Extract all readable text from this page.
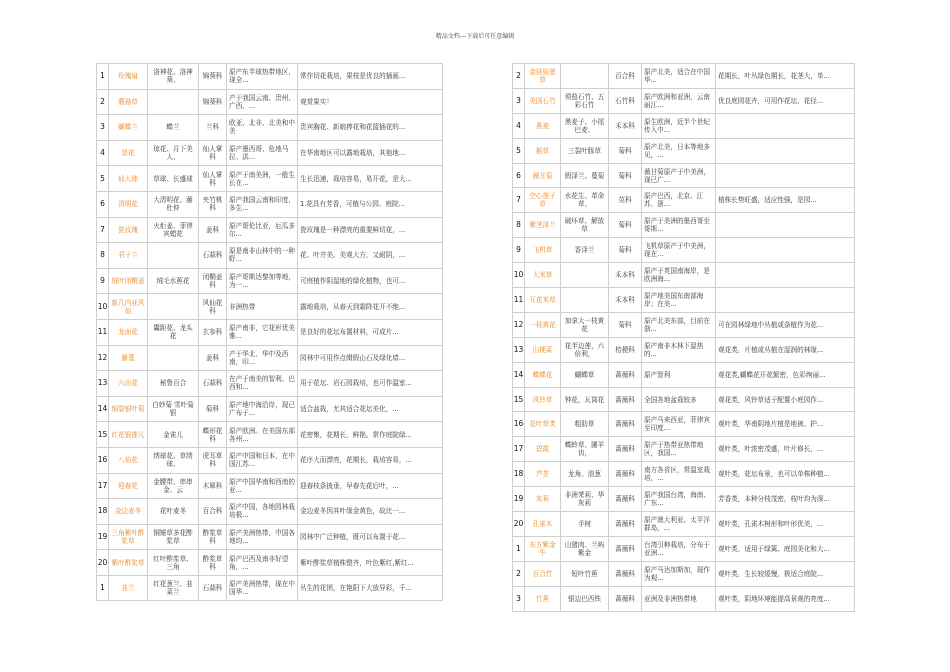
精品文档---下载后可任意编辑
1	玫瑰扇	洛神花、洛神葵、	锦葵科	原产东半球热带地区，现全...	常作切花栽培，果枝是优良的插画...
2	蘑菇草		锦葵科	产于我国云南、贵州、广西、...	观赏果实！
3	蝴蝶兰	蝶兰	兰科	欧亚、北非、北美和中美	贵宾胸花、新娘捧花和花篮插花的...
4	昙花	琼花、月下美人、	仙人掌科	原产墨西哥、危地马拉、洪...	在华南地区可以露地栽培，其他地...
5	仙人球	草球、长盛球	仙人掌科	原产于南美洲，一般生长在...	生长迅速，栽培容易，易开花，是大...
6	清明花	大清明花、藤杜仲	夹竹桃科	原产我国云南和印度，多生...	1.花具有芳香，可植与公园、庭院...
7	瓷玫瑰	火炬姜、菲律宾蜡花	姜科	原产哥伦比亚，厄瓜多尔...	瓷玫瑰是一种漂亮的重要鲜切花，...
8	君子兰		石蒜科	原是南非山林中的一种野...	花、叶并美。美观大方，又耐阴，...
9	绒叶闭鞘姜	绒毛水蕉花	闭鞘姜科	原产哥斯达黎加等地，为一...	可庭植作阴湿地的绿化植物，也可...
10	新几内亚风仙		风仙花科	非洲热带	露地栽培，从春天到霜降花开不绝...
11	龙面花	囊距花、龙头花	玄参科	原产南非，它花形优美雅...	是良好的花坛布置材料，可成片...
12	藤蔓		姜科	产于华北、华中及西南，印...	园林中可用作点缀假山石及绿化墙...
13	六出花	秘鲁百合	石蒜科	在产于南美的智利、巴西和...	用于花坛、岩石园栽培，也可作温室...
14	细裂银叶菊	白妙菊 雪叶菊 银	菊科	原产地中海沿岸，现已广布于...	适合盆栽，尤其适合花坛美化，...
15	红花银莲儿	金雀儿	蝶形花科	原产欧洲。在美国东部各州...	花密集，花期长，鲜艳。常作庭院绿...
16	八仙花	绣球花、草绣球、	虎耳草科	原产中国和日本，在中国江苏...	花序大而漂亮，花期长，栽培容易，...
17	迎春花	金腰带、串串金、云	木犀科	原产中国华南和西南的亚...	迎春枝条披垂，早春先花后叶，...
18	金边麦冬	花叶麦冬	百合科	原产中国，各地园林栽培极...	金边麦冬因其叶缘金黄色，故比一...
19	三角紫叶酢浆草	铜锤草多花酢浆草	酢浆草科	原产美洲热带，中国各地均...	园林中广泛种植，既可以布置于花...
20	紫叶酢浆草	红叶酢浆草、三角	酢浆草科	原产巴西及南非好望角，...	紫叶酢浆草植株整齐，叶色紫红,紫红...
1	韭兰	红花葱兰、韭菜兰	石蒜科	原产美洲热带，现在中国华...	丛生的花团，在艳阳下大放异彩，千...
2	金娃娃萱草		百合科	原产北美，适合在中国华...	花期长，叶丛绿色期长，花茎大，单...
3	美国石竹	须苞石竹、五彩石竹	石竹科	原产欧洲和亚洲，云南丽江...	优良庭园花卉，可用作花坛、花径...
4	燕麦	黑麦子、小尾巴麦、	禾本科	原生欧洲，近半个世纪传入中...	
5	猴草	三裂叶豚草	菊科	原产北美，日本等地多见，...	
6	薇甘菊	假泽兰、蔓菊	菊科	薇甘菊原产于中美洲，现已广...	
7	空心莲子草	水花生、革命草、	苋科	原产巴西，北京、江苏、浙...	植株长势旺盛，适应性强，是园...
8	紫茎泽兰	破坏草、解放草	菊科	原产于美洲的墨西哥至哥斯...	
9	飞机草	香泽兰	菊科	飞机草原产于中美洲，现在...	
10	大米草		禾本科	原产于英国南海岸，是欧洲海...	
11	互花米草		禾本科	原产地美国东南部海岸；在美...	
12	一枝黄花	加拿大一枝黄花	菊科	原产北美东部，目前在浙...	可在园林绿地中丛植或条植作为花...
13	山梗菜	花半边莲，六倍利，	桔梗科	原产南非木林下湿热的...	观花类，片植或丛植在湿润的林缘...
14	蝶蝶花	蝴蝶草	蔷薇科	原产智利	观花类,蝴蝶花开花繁密，色彩绚丽...
15	风铃草	钟花，瓦筒花	蔷薇科	全国各地盆栽较多	观花类，风铃草适于配置小庭园作...
16	花叶草类	粗肋草	蔷薇科	原产马来西亚，菲律宾至印度...	观叶类，华南阴地片植是地被、护...
17	碧霞	蝶蛉草、圃羊齿，	蔷薇科	原产于热带亚热带地区，我国...	观叶类，叶浓密茂盛，叶片修长，...
18	芦荟	龙角、油葱	蔷薇科	南方各省区，常温室栽培，...	观叶类，花坛布景，也可以单株种植...
19	灰莉	非洲茉莉、华灰莉	蔷薇科	原产我国台湾，海南、广东...	芳香类，本种分枝茂密，枝叶均为深...
20	孔雀木	手树	蔷薇科	原产澳大利亚、太平洋群岛，...	观叶类，孔雀木树形和叶形优美，...
1	东方紫金牛	山猪肉、兰屿紫金	蔷薇科	台湾引种栽培，分布于亚洲...	观叶类，适用于绿篱、庭园美化和大...
2	百合竹	短叶竹蕉	蔷薇科	原产马达加斯加，现作为观...	观叶类，生长较缓慢，极适合庭院...
3	竹蕉	银边巴西铁	蔷薇科	亚洲及非洲热带地	观叶类，阴地环境能提高景观的亮度...
